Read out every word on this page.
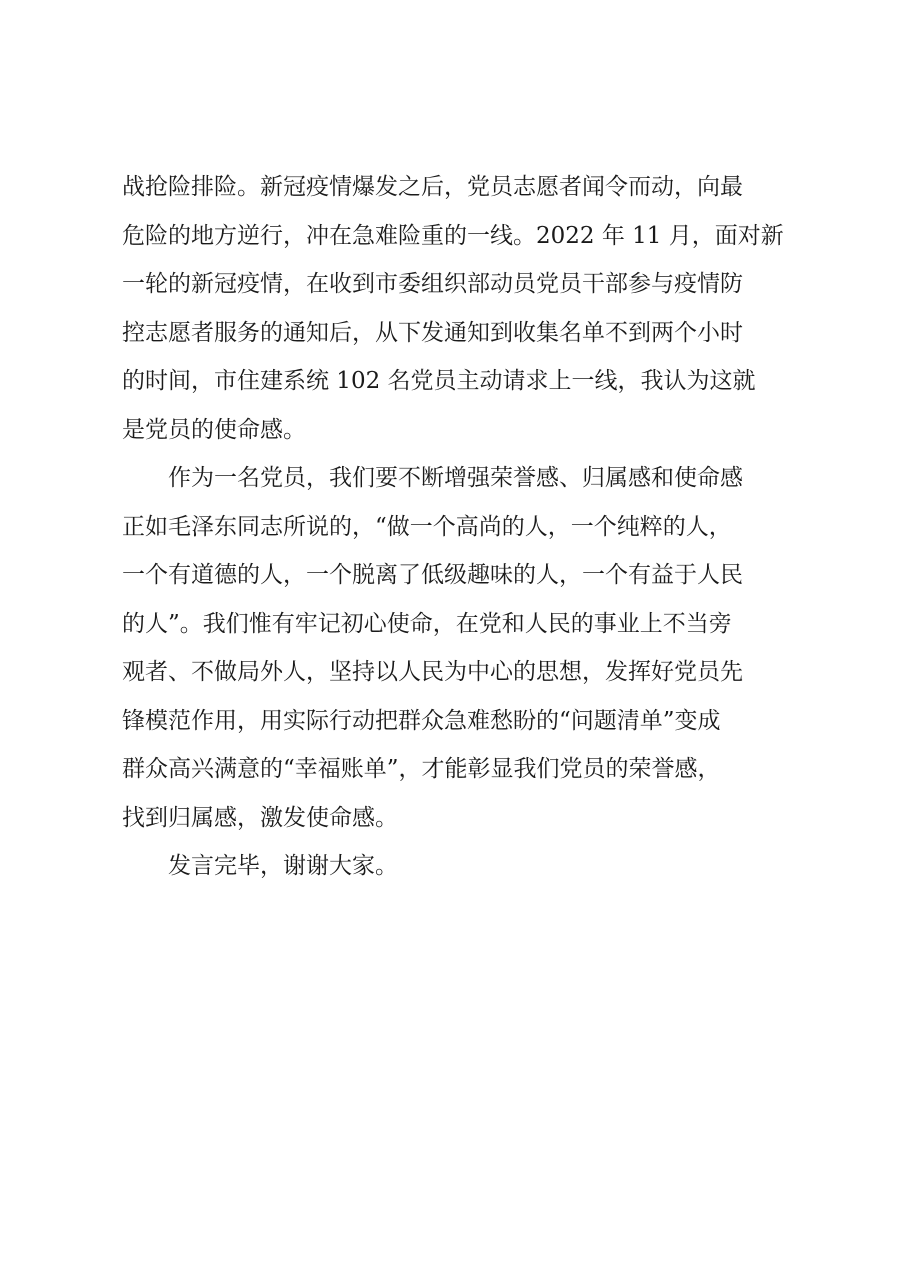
战抢险排险。新冠疫情爆发之后，党员志愿者闻令而动，向最
危险的地方逆行，冲在急难险重的一线。2022 年 11 月，面对新
一轮的新冠疫情，在收到市委组织部动员党员干部参与疫情防
控志愿者服务的通知后，从下发通知到收集名单不到两个小时
的时间，市住建系统 102 名党员主动请求上一线，我认为这就
是党员的使命感。
作为一名党员，我们要不断增强荣誉感、归属感和使命感
正如毛泽东同志所说的，“做一个高尚的人，一个纯粹的人，
一个有道德的人，一个脱离了低级趣味的人，一个有益于人民
的人”。我们惟有牢记初心使命，在党和人民的事业上不当旁
观者、不做局外人，坚持以人民为中心的思想，发挥好党员先
锋模范作用，用实际行动把群众急难愁盼的“问题清单”变成
群众高兴满意的“幸福账单”，才能彰显我们党员的荣誉感，
找到归属感，激发使命感。
发言完毕，谢谢大家。
